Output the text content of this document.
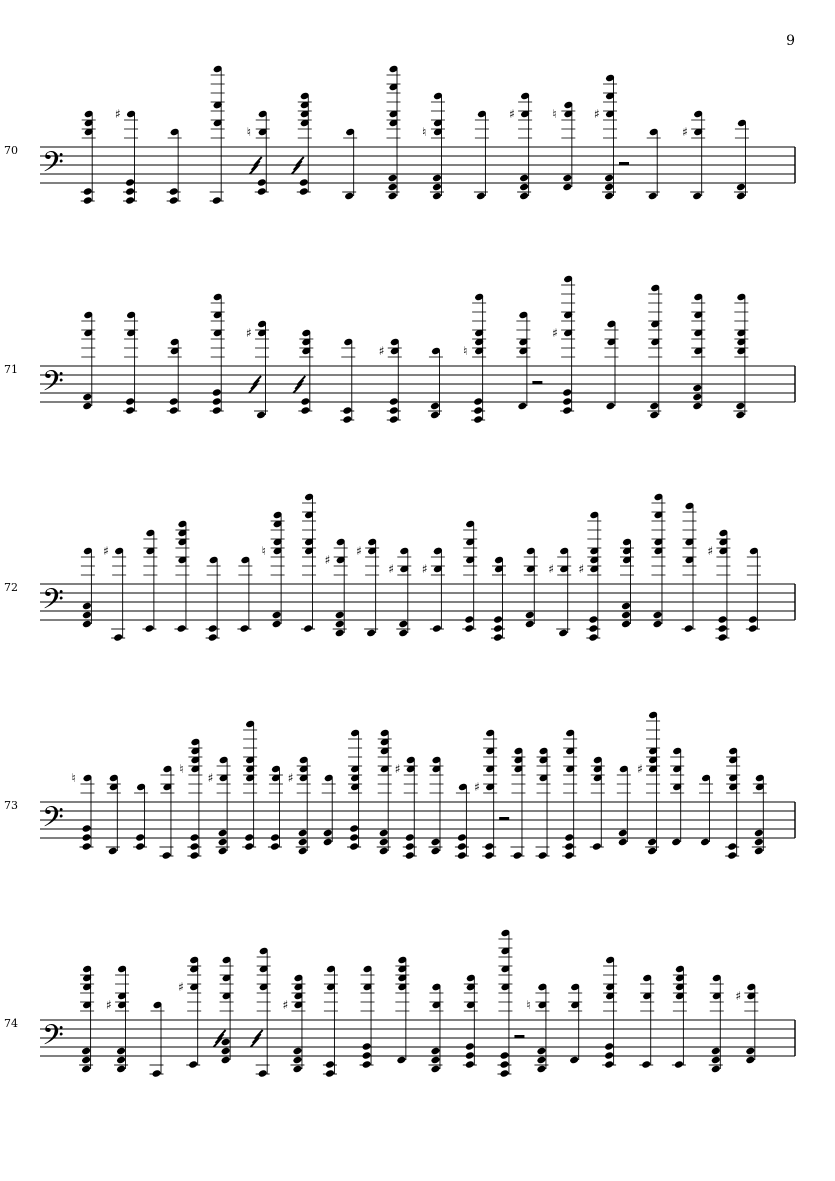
9
70 𝄢
♯
♮	♮
♯	♮	♯
♯
71 𝄢
♯
♯	♮
♯
72 𝄢
♯	♮
♯
♯
♯ ♯	♯ ♯
♯
73 𝄢
♮
♮
♯	♯
♯
♯
♯
74 𝄢
♯
♯
♯	♮
♯
